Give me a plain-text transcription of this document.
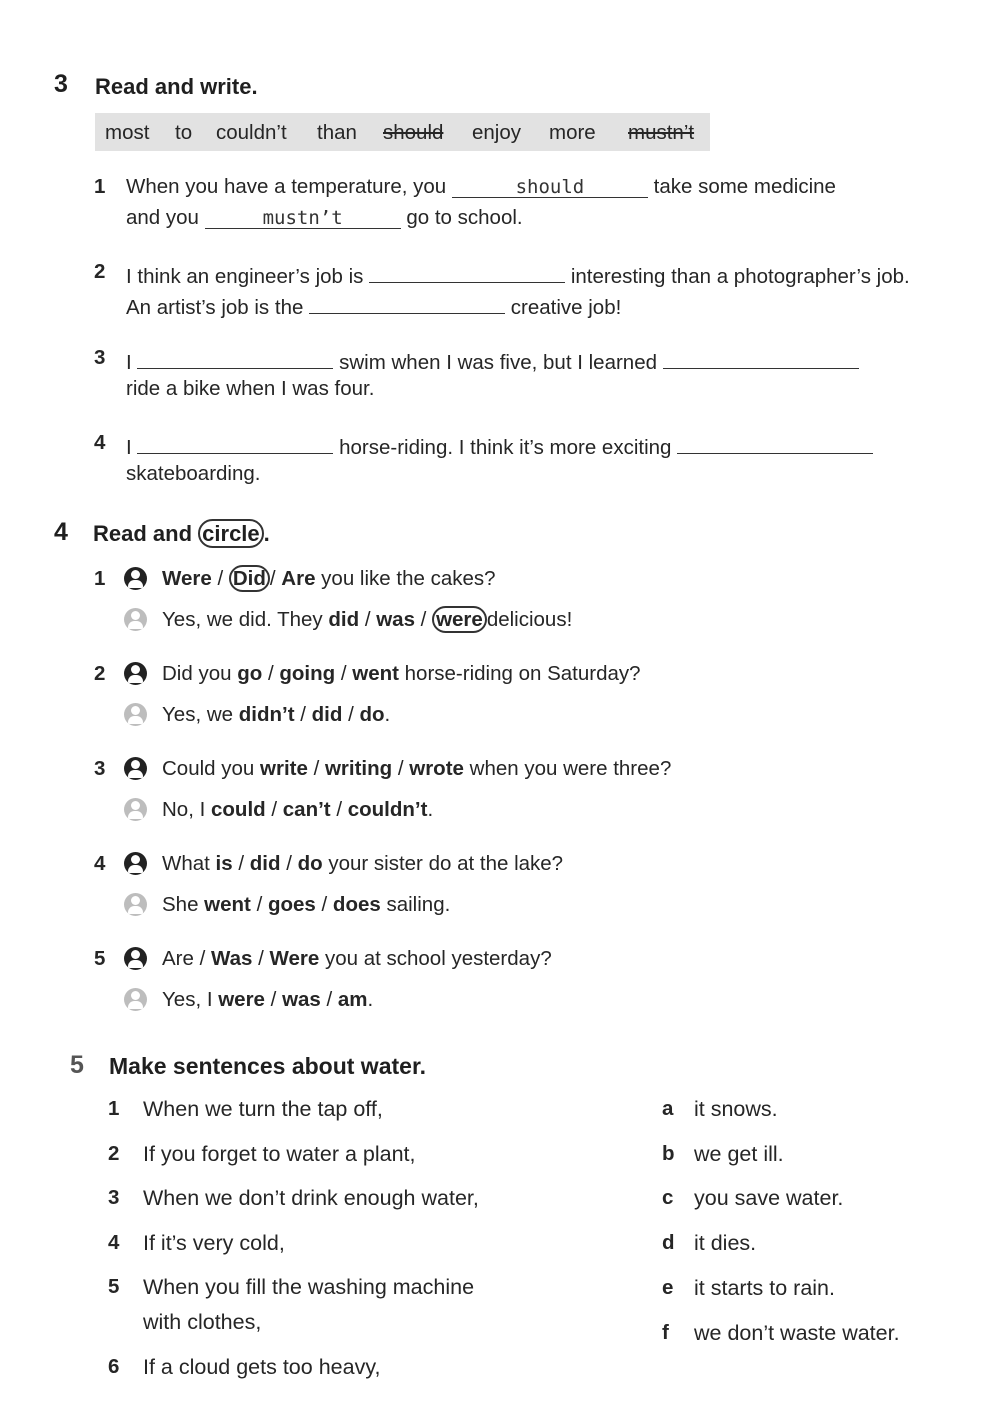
3 Read and write.
most to couldn’t than should enjoy more mustn’t
1 When you have a temperature, you	should	take some medicine
and you	mustn’t	go to school.
2 I think an engineer’s job is	interesting than a photographer’s job.
An artist’s job is the	creative job!
3 I	swim when I was five, but I learned
ride a bike when I was four.
4 I	horse-riding. I think it’s more exciting
skateboarding.
4 Read and circle .
1	Were / Did / Are you like the cakes?
Yes, we did. They did / was / were delicious!
2	Did you go / going / went horse-riding on Saturday?
Yes, we didn’t / did / do.
3	Could you write / writing / wrote when you were three?
No, I could / can’t / couldn’t.
4	What is / did / do your sister do at the lake?
She went / goes / does sailing.
5	Are / Was / Were you at school yesterday?
Yes, I were / was / am.
5 Make sentences about water.
1 When we turn the tap off,
2 If you forget to water a plant,
3 When we don’t drink enough water,
4 If it’s very cold,
5 When you fill the washing machine
with clothes,
6 If a cloud gets too heavy,
a it snows.
b we get ill.
c you save water.
d it dies.
e it starts to rain.
f we don’t waste water.
